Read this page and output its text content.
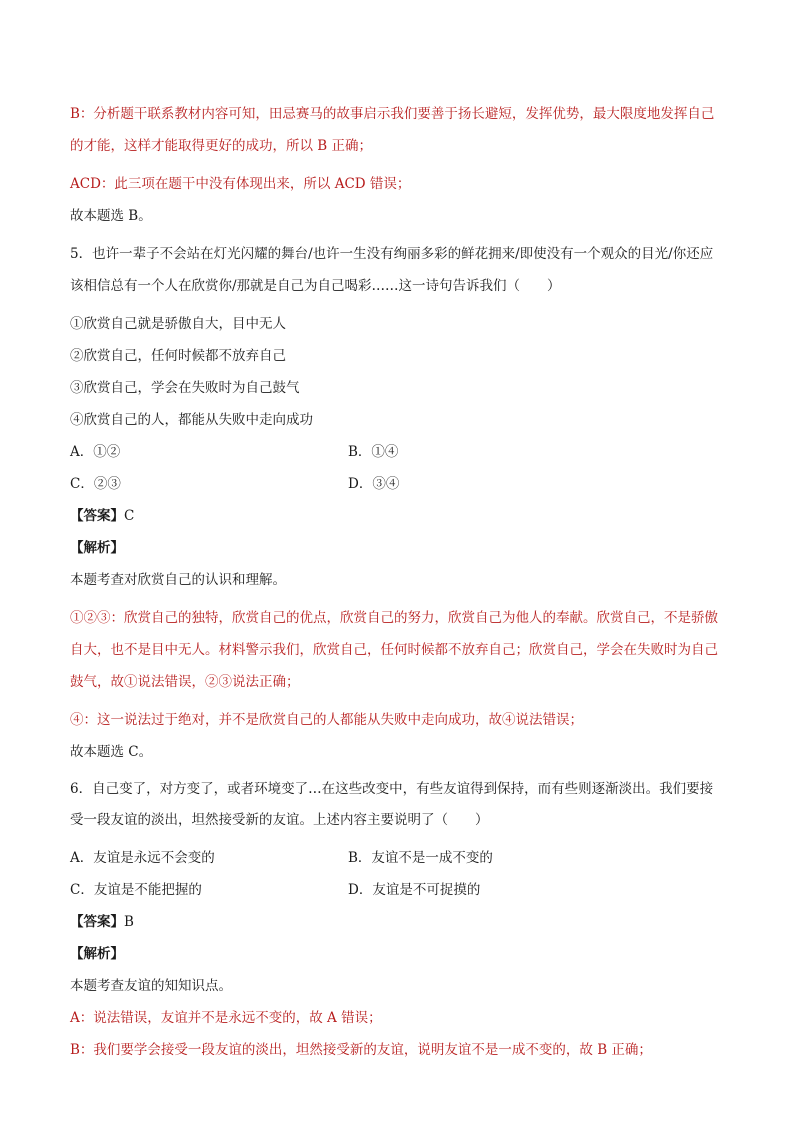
B：分析题干联系教材内容可知，田忌赛马的故事启示我们要善于扬长避短，发挥优势，最大限度地发挥自己的才能，这样才能取得更好的成功，所以 B 正确；
ACD：此三项在题干中没有体现出来，所以 ACD 错误；
故本题选 B。
5．也许一辈子不会站在灯光闪耀的舞台/也许一生没有绚丽多彩的鲜花拥来/即使没有一个观众的目光/你还应该相信总有一个人在欣赏你/那就是自己为自己喝彩……这一诗句告诉我们（　　）
①欣赏自己就是骄傲自大，目中无人
②欣赏自己，任何时候都不放弃自己
③欣赏自己，学会在失败时为自己鼓气
④欣赏自己的人，都能从失败中走向成功
A．①②	B．①④
C．②③	D．③④
【答案】C
【解析】
本题考查对欣赏自己的认识和理解。
①②③：欣赏自己的独特，欣赏自己的优点，欣赏自己的努力，欣赏自己为他人的奉献。欣赏自己，不是骄傲自大，也不是目中无人。材料警示我们，欣赏自己，任何时候都不放弃自己；欣赏自己，学会在失败时为自己鼓气，故①说法错误，②③说法正确；
④：这一说法过于绝对，并不是欣赏自己的人都能从失败中走向成功，故④说法错误；
故本题选 C。
6．自己变了，对方变了，或者环境变了…在这些改变中，有些友谊得到保持，而有些则逐渐淡出。我们要接受一段友谊的淡出，坦然接受新的友谊。上述内容主要说明了（　　）
A．友谊是永远不会变的	B．友谊不是一成不变的
C．友谊是不能把握的	D．友谊是不可捉摸的
【答案】B
【解析】
本题考查友谊的知知识点。
A：说法错误，友谊并不是永远不变的，故 A 错误；
B：我们要学会接受一段友谊的淡出，坦然接受新的友谊，说明友谊不是一成不变的，故 B 正确；
